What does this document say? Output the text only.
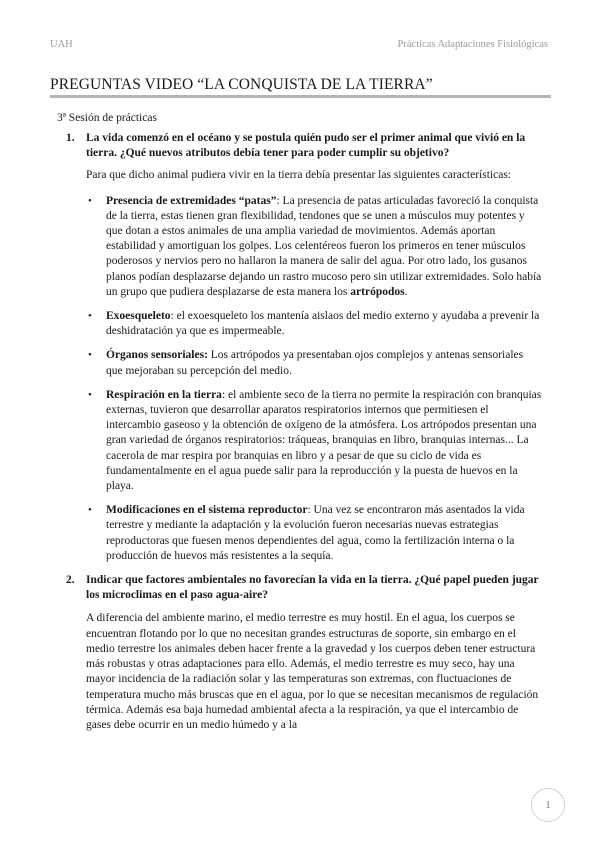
UAH	Prácticas Adaptaciones Fisiológicas
PREGUNTAS VIDEO “LA CONQUISTA DE LA TIERRA”
3ª Sesión de prácticas
1. La vida comenzó en el océano y se postula quién pudo ser el primer animal que vivió en la tierra. ¿Qué nuevos atributos debía tener para poder cumplir su objetivo?
Para que dicho animal pudiera vivir en la tierra debía presentar las siguientes características:
• Presencia de extremidades “patas”: La presencia de patas articuladas favoreció la conquista de la tierra, estas tienen gran flexibilidad, tendones que se unen a músculos muy potentes y que dotan a estos animales de una amplia variedad de movimientos. Además aportan estabilidad y amortiguan los golpes. Los celentéreos fueron los primeros en tener músculos poderosos y nervios pero no hallaron la manera de salir del agua. Por otro lado, los gusanos planos podían desplazarse dejando un rastro mucoso pero sin utilizar extremidades. Solo había un grupo que pudiera desplazarse de esta manera los artrópodos.
• Exoesqueleto: el exoesqueleto los mantenía aislaos del medio externo y ayudaba a prevenir la deshidratación ya que es impermeable.
• Órganos sensoriales: Los artrópodos ya presentaban ojos complejos y antenas sensoriales que mejoraban su percepción del medio.
• Respiración en la tierra: el ambiente seco de la tierra no permite la respiración con branquias externas, tuvieron que desarrollar aparatos respiratorios internos que permitiesen el intercambio gaseoso y la obtención de oxígeno de la atmósfera. Los artrópodos presentan una gran variedad de órganos respiratorios: tráqueas, branquias en libro, branquias internas... La cacerola de mar respira por branquias en libro y a pesar de que su ciclo de vida es fundamentalmente en el agua puede salir para la reproducción y la puesta de huevos en la playa.
• Modificaciones en el sistema reproductor: Una vez se encontraron más asentados la vida terrestre y mediante la adaptación y la evolución fueron necesarias nuevas estrategias reproductoras que fuesen menos dependientes del agua, como la fertilización interna o la producción de huevos más resistentes a la sequía.
2. Indicar que factores ambientales no favorecían la vida en la tierra. ¿Qué papel pueden jugar los microclimas en el paso agua-aire?
A diferencia del ambiente marino, el medio terrestre es muy hostil. En el agua, los cuerpos se encuentran flotando por lo que no necesitan grandes estructuras de soporte, sin embargo en el medio terrestre los animales deben hacer frente a la gravedad y los cuerpos deben tener estructura más robustas y otras adaptaciones para ello. Además, el medio terrestre es muy seco, hay una mayor incidencia de la radiación solar y las temperaturas son extremas, con fluctuaciones de temperatura mucho más bruscas que en el agua, por lo que se necesitan mecanismos de regulación térmica. Además esa baja humedad ambiental afecta a la respiración, ya que el intercambio de gases debe ocurrir en un medio húmedo y a la
1
